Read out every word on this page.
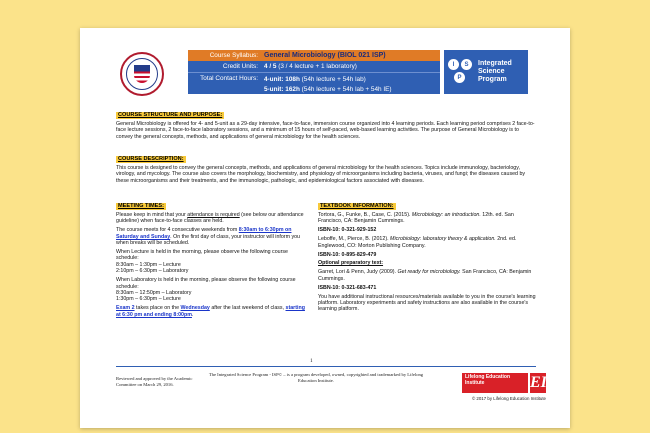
Course Syllabus: General Microbiology (BIOL 021 ISP)
Credit Units: 4 / 5 (3 / 4 lecture + 1 laboratory)
Total Contact Hours: 4-unit: 108h (54h lecture + 54h lab)
5-unit: 162h (54h lecture + 54h lab + 54h IE)
I	S
P
Integrated
Science
Program
COURSE STRUCTURE AND PURPOSE:
General Microbiology is offered for 4- and 5-unit as a 29-day intensive, face-to-face, immersion course organized into 4 learning periods. Each learning period comprises 2 face-to-face lecture sessions, 2 face-to-face laboratory sessions, and a minimum of 15 hours of self-paced, web-based learning activities. The purpose of General Microbiology is to convey the general concepts, methods, and applications of general microbiology for the health sciences.
COURSE DESCRIPTION:
This course is designed to convey the general concepts, methods, and applications of general microbiology for the health sciences. Topics include immunology, bacteriology, virology, and mycology. The course also covers the morphology, biochemistry, and physiology of microorganisms including bacteria, viruses, and fungi; the diseases caused by these microorganisms and their treatments, and the immunologic, pathologic, and epidemiological factors associated with diseases.
MEETING TIMES:

Please keep in mind that your attendance is required (see below our attendance guideline) when face-to-face classes are held.

The course meets for 4 consecutive weekends from 8:30am to 6:30pm on Saturday and Sunday. On the first day of class, your instructor will inform you when breaks will be scheduled.

When Lecture is held in the morning, please observe the following course schedule:
8:30am – 1:30pm – Lecture
2:10pm – 6:30pm – Laboratory

When Laboratory is held in the morning, please observe the following course schedule:
8:30am – 12:50pm – Laboratory
1:30pm – 6:30pm – Lecture

Exam 2 takes place on the Wednesday after the last weekend of class, starting at 6:30 pm and ending 8:00pm.

TEXTBOOK INFORMATION:

Tortora, G., Funke, B., Case, C. (2015). Microbiology: an introduction. 12th. ed. San Francisco, CA: Benjamin Cummings.

ISBN-10: 0-321-929-152

Leboffe, M., Pierce, B. (2012). Microbiology: laboratory theory & application. 2nd. ed. Englewood, CO: Morton Publishing Company.

ISBN-10: 0-895-829-479

Optional preparatory text:

Garret, Lori & Penn, Judy (2009). Get ready for microbiology. San Francisco, CA: Benjamin Cummings.

ISBN-10: 0-321-683-471

You have additional instructional resources/materials available to you in the course's learning platform. Laboratory experiments and safety instructions are also available in the course's learning platform.

1
Reviewed and approved by the Academic Committee on March 29, 2016.
The Integrated Science Program - ISP© – is a program developed, owned, copyrighted and trademarked by Lifelong Education Institute.
Lifelong Education Institute	EI
© 2017 by Lifelong Education Institute
